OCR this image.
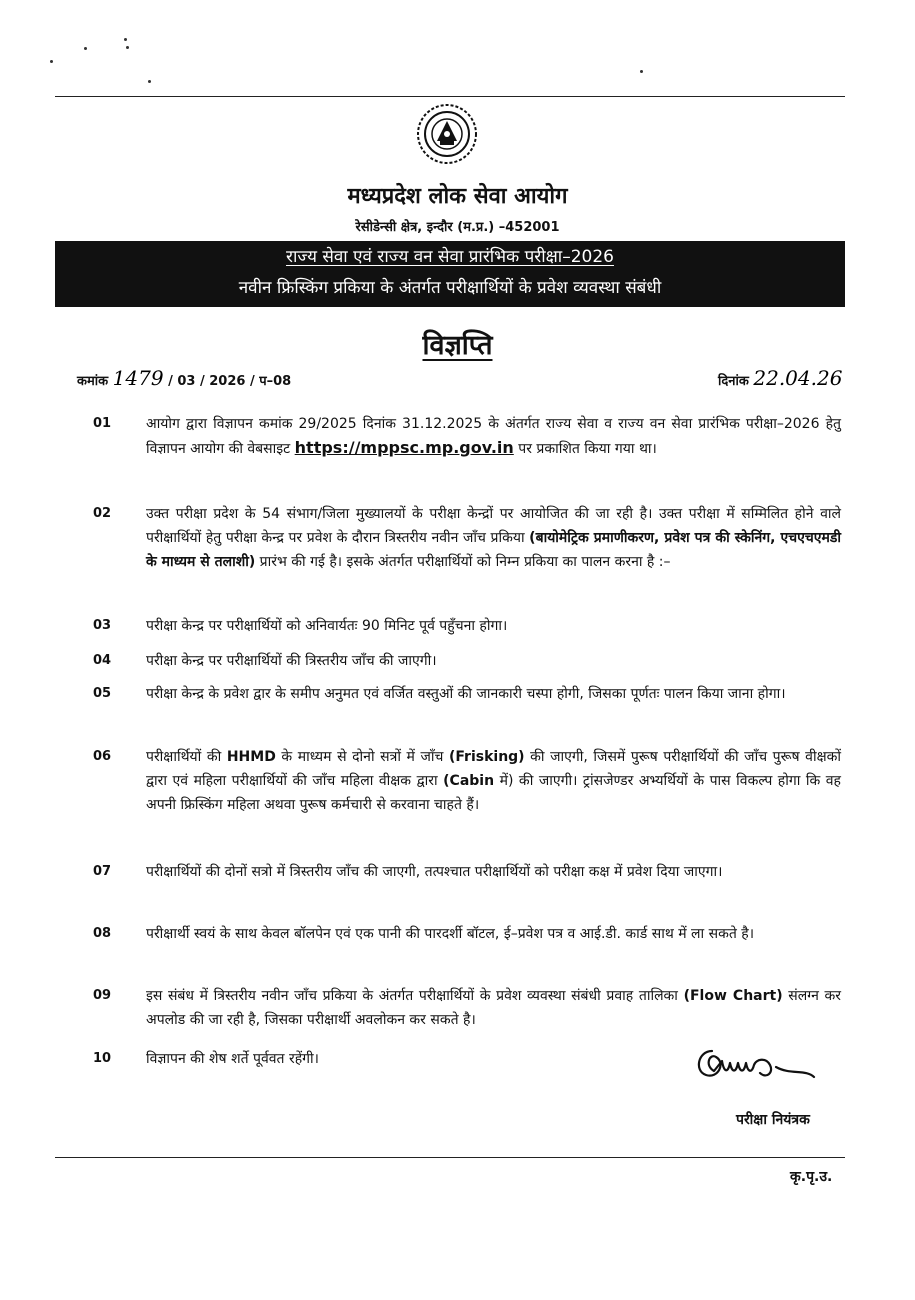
मध्यप्रदेश लोक सेवा आयोग
रेसीडेन्सी क्षेत्र, इन्दौर (म.प्र.) –452001
राज्य सेवा एवं राज्य वन सेवा प्रारंभिक परीक्षा–2026
नवीन फ्रिस्किंग प्रकिया के अंतर्गत परीक्षार्थियों के प्रवेश व्यवस्था संबंधी
विज्ञप्ति
कमांक 1479 / 03 / 2026 / प–08	दिनांक 22.04.26
01 आयोग द्वारा विज्ञापन कमांक 29/2025 दिनांक 31.12.2025 के अंतर्गत राज्य सेवा व राज्य वन सेवा प्रारंभिक परीक्षा–2026 हेतु विज्ञापन आयोग की वेबसाइट https://mppsc.mp.gov.in पर प्रकाशित किया गया था।
02 उक्त परीक्षा प्रदेश के 54 संभाग/जिला मुख्यालयों के परीक्षा केन्द्रों पर आयोजित की जा रही है। उक्त परीक्षा में सम्मिलित होने वाले परीक्षार्थियों हेतु परीक्षा केन्द्र पर प्रवेश के दौरान त्रिस्तरीय नवीन जाँच प्रकिया (बायोमेट्रिक प्रमाणीकरण, प्रवेश पत्र की स्केनिंग, एचएचएमडी के माध्यम से तलाशी) प्रारंभ की गई है। इसके अंतर्गत परीक्षार्थियों को निम्न प्रकिया का पालन करना है :–
03 परीक्षा केन्द्र पर परीक्षार्थियों को अनिवार्यतः 90 मिनिट पूर्व पहुँचना होगा।
04 परीक्षा केन्द्र पर परीक्षार्थियों की त्रिस्तरीय जाँच की जाएगी।
05 परीक्षा केन्द्र के प्रवेश द्वार के समीप अनुमत एवं वर्जित वस्तुओं की जानकारी चस्पा होगी, जिसका पूर्णतः पालन किया जाना होगा।
06 परीक्षार्थियों की HHMD के माध्यम से दोनो सत्रों में जाँच (Frisking) की जाएगी, जिसमें पुरूष परीक्षार्थियों की जाँच पुरूष वीक्षकों द्वारा एवं महिला परीक्षार्थियों की जाँच महिला वीक्षक द्वारा (Cabin में) की जाएगी। ट्रांसजेण्डर अभ्यर्थियों के पास विकल्प होगा कि वह अपनी फ्रिस्किंग महिला अथवा पुरूष कर्मचारी से करवाना चाहते हैं।
07 परीक्षार्थियों की दोनों सत्रो में त्रिस्तरीय जाँच की जाएगी, तत्पश्चात परीक्षार्थियों को परीक्षा कक्ष में प्रवेश दिया जाएगा।
08 परीक्षार्थी स्वयं के साथ केवल बॉलपेन एवं एक पानी की पारदर्शी बॉटल, ई–प्रवेश पत्र व आई.डी. कार्ड साथ में ला सकते है।
09 इस संबंध में त्रिस्तरीय नवीन जाँच प्रकिया के अंतर्गत परीक्षार्थियों के प्रवेश व्यवस्था संबंधी प्रवाह तालिका (Flow Chart) संलग्न कर अपलोड की जा रही है, जिसका परीक्षार्थी अवलोकन कर सकते है।
10 विज्ञापन की शेष शर्ते पूर्ववत रहेंगी।
परीक्षा नियंत्रक
कृ.पृ.उ.
